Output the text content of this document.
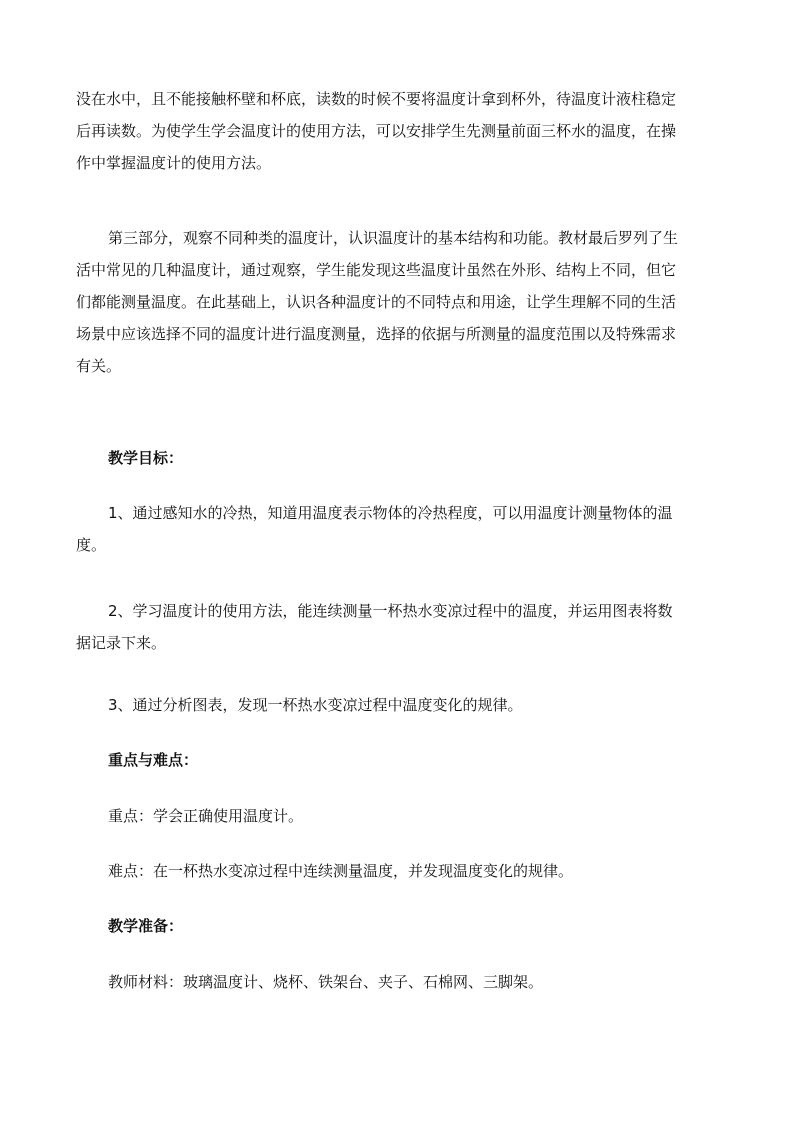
没在水中，且不能接触杯壁和杯底，读数的时候不要将温度计拿到杯外，待温度计液柱稳定
后再读数。为使学生学会温度计的使用方法，可以安排学生先测量前面三杯水的温度，在操
作中掌握温度计的使用方法。

第三部分，观察不同种类的温度计，认识温度计的基本结构和功能。教材最后罗列了生
活中常见的几种温度计，通过观察，学生能发现这些温度计虽然在外形、结构上不同，但它
们都能测量温度。在此基础上，认识各种温度计的不同特点和用途，让学生理解不同的生活
场景中应该选择不同的温度计进行温度测量，选择的依据与所测量的温度范围以及特殊需求
有关。

教学目标：

1、通过感知水的冷热，知道用温度表示物体的冷热程度，可以用温度计测量物体的温
度。

2、学习温度计的使用方法，能连续测量一杯热水变凉过程中的温度，并运用图表将数
据记录下来。

3、通过分析图表，发现一杯热水变凉过程中温度变化的规律。

重点与难点：

重点：学会正确使用温度计。

难点：在一杯热水变凉过程中连续测量温度，并发现温度变化的规律。

教学准备：

教师材料：玻璃温度计、烧杯、铁架台、夹子、石棉网、三脚架。
